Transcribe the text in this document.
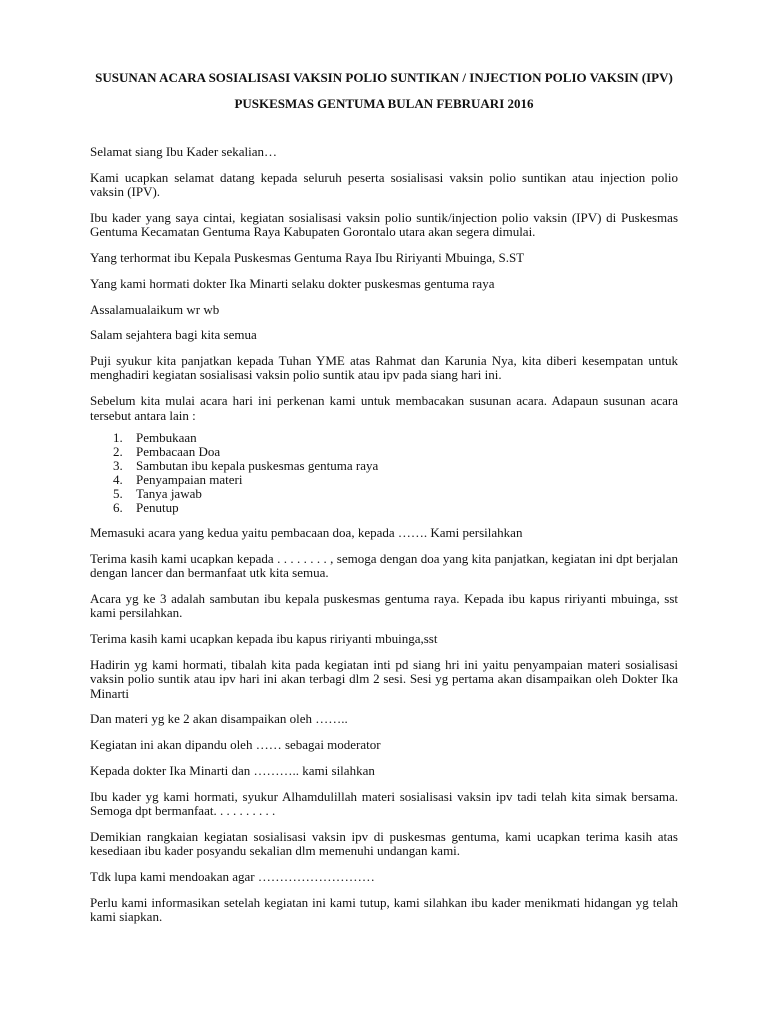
SUSUNAN ACARA SOSIALISASI VAKSIN POLIO SUNTIKAN / INJECTION POLIO VAKSIN (IPV)
PUSKESMAS GENTUMA BULAN FEBRUARI 2016

Selamat siang Ibu Kader sekalian…

Kami ucapkan selamat datang kepada seluruh peserta sosialisasi vaksin polio suntikan atau injection polio vaksin (IPV).

Ibu kader yang saya cintai, kegiatan sosialisasi vaksin polio suntik/injection polio vaksin (IPV) di Puskesmas Gentuma Kecamatan Gentuma Raya Kabupaten Gorontalo utara akan segera dimulai.

Yang terhormat ibu Kepala Puskesmas Gentuma Raya Ibu Ririyanti Mbuinga, S.ST

Yang kami hormati dokter Ika Minarti selaku dokter puskesmas gentuma raya

Assalamualaikum wr wb

Salam sejahtera bagi kita semua

Puji syukur kita panjatkan kepada Tuhan YME atas Rahmat dan Karunia Nya, kita diberi kesempatan untuk menghadiri kegiatan sosialisasi vaksin polio suntik atau ipv pada siang hari ini.

Sebelum kita mulai acara hari ini perkenan kami untuk membacakan susunan acara. Adapaun susunan acara tersebut antara lain :

1.	Pembukaan
2.	Pembacaan Doa
3.	Sambutan ibu kepala puskesmas gentuma raya
4.	Penyampaian materi
5.	Tanya jawab
6.	Penutup

Memasuki acara yang kedua yaitu pembacaan doa, kepada ……. Kami persilahkan

Terima kasih kami ucapkan kepada . . . . . . . . , semoga dengan doa yang kita panjatkan, kegiatan ini dpt berjalan dengan lancer dan bermanfaat utk kita semua.

Acara yg ke 3 adalah sambutan ibu kepala puskesmas gentuma raya. Kepada ibu kapus ririyanti mbuinga, sst kami persilahkan.

Terima kasih kami ucapkan kepada ibu kapus ririyanti mbuinga,sst

Hadirin yg kami hormati, tibalah kita pada kegiatan inti pd siang hri ini yaitu penyampaian materi sosialisasi vaksin polio suntik atau ipv hari ini akan terbagi dlm 2 sesi. Sesi yg pertama akan disampaikan oleh Dokter Ika Minarti

Dan materi yg ke 2 akan disampaikan oleh ……..

Kegiatan ini akan dipandu oleh …… sebagai moderator

Kepada dokter Ika Minarti dan ……….. kami silahkan

Ibu kader yg kami hormati, syukur Alhamdulillah materi sosialisasi vaksin ipv tadi telah kita simak bersama. Semoga dpt bermanfaat. . . . . . . . . .

Demikian rangkaian kegiatan sosialisasi vaksin ipv di puskesmas gentuma, kami ucapkan terima kasih atas kesediaan ibu kader posyandu sekalian dlm memenuhi undangan kami.

Tdk lupa kami mendoakan agar ………………………

Perlu kami informasikan setelah kegiatan ini kami tutup, kami silahkan ibu kader menikmati hidangan yg telah kami siapkan.
